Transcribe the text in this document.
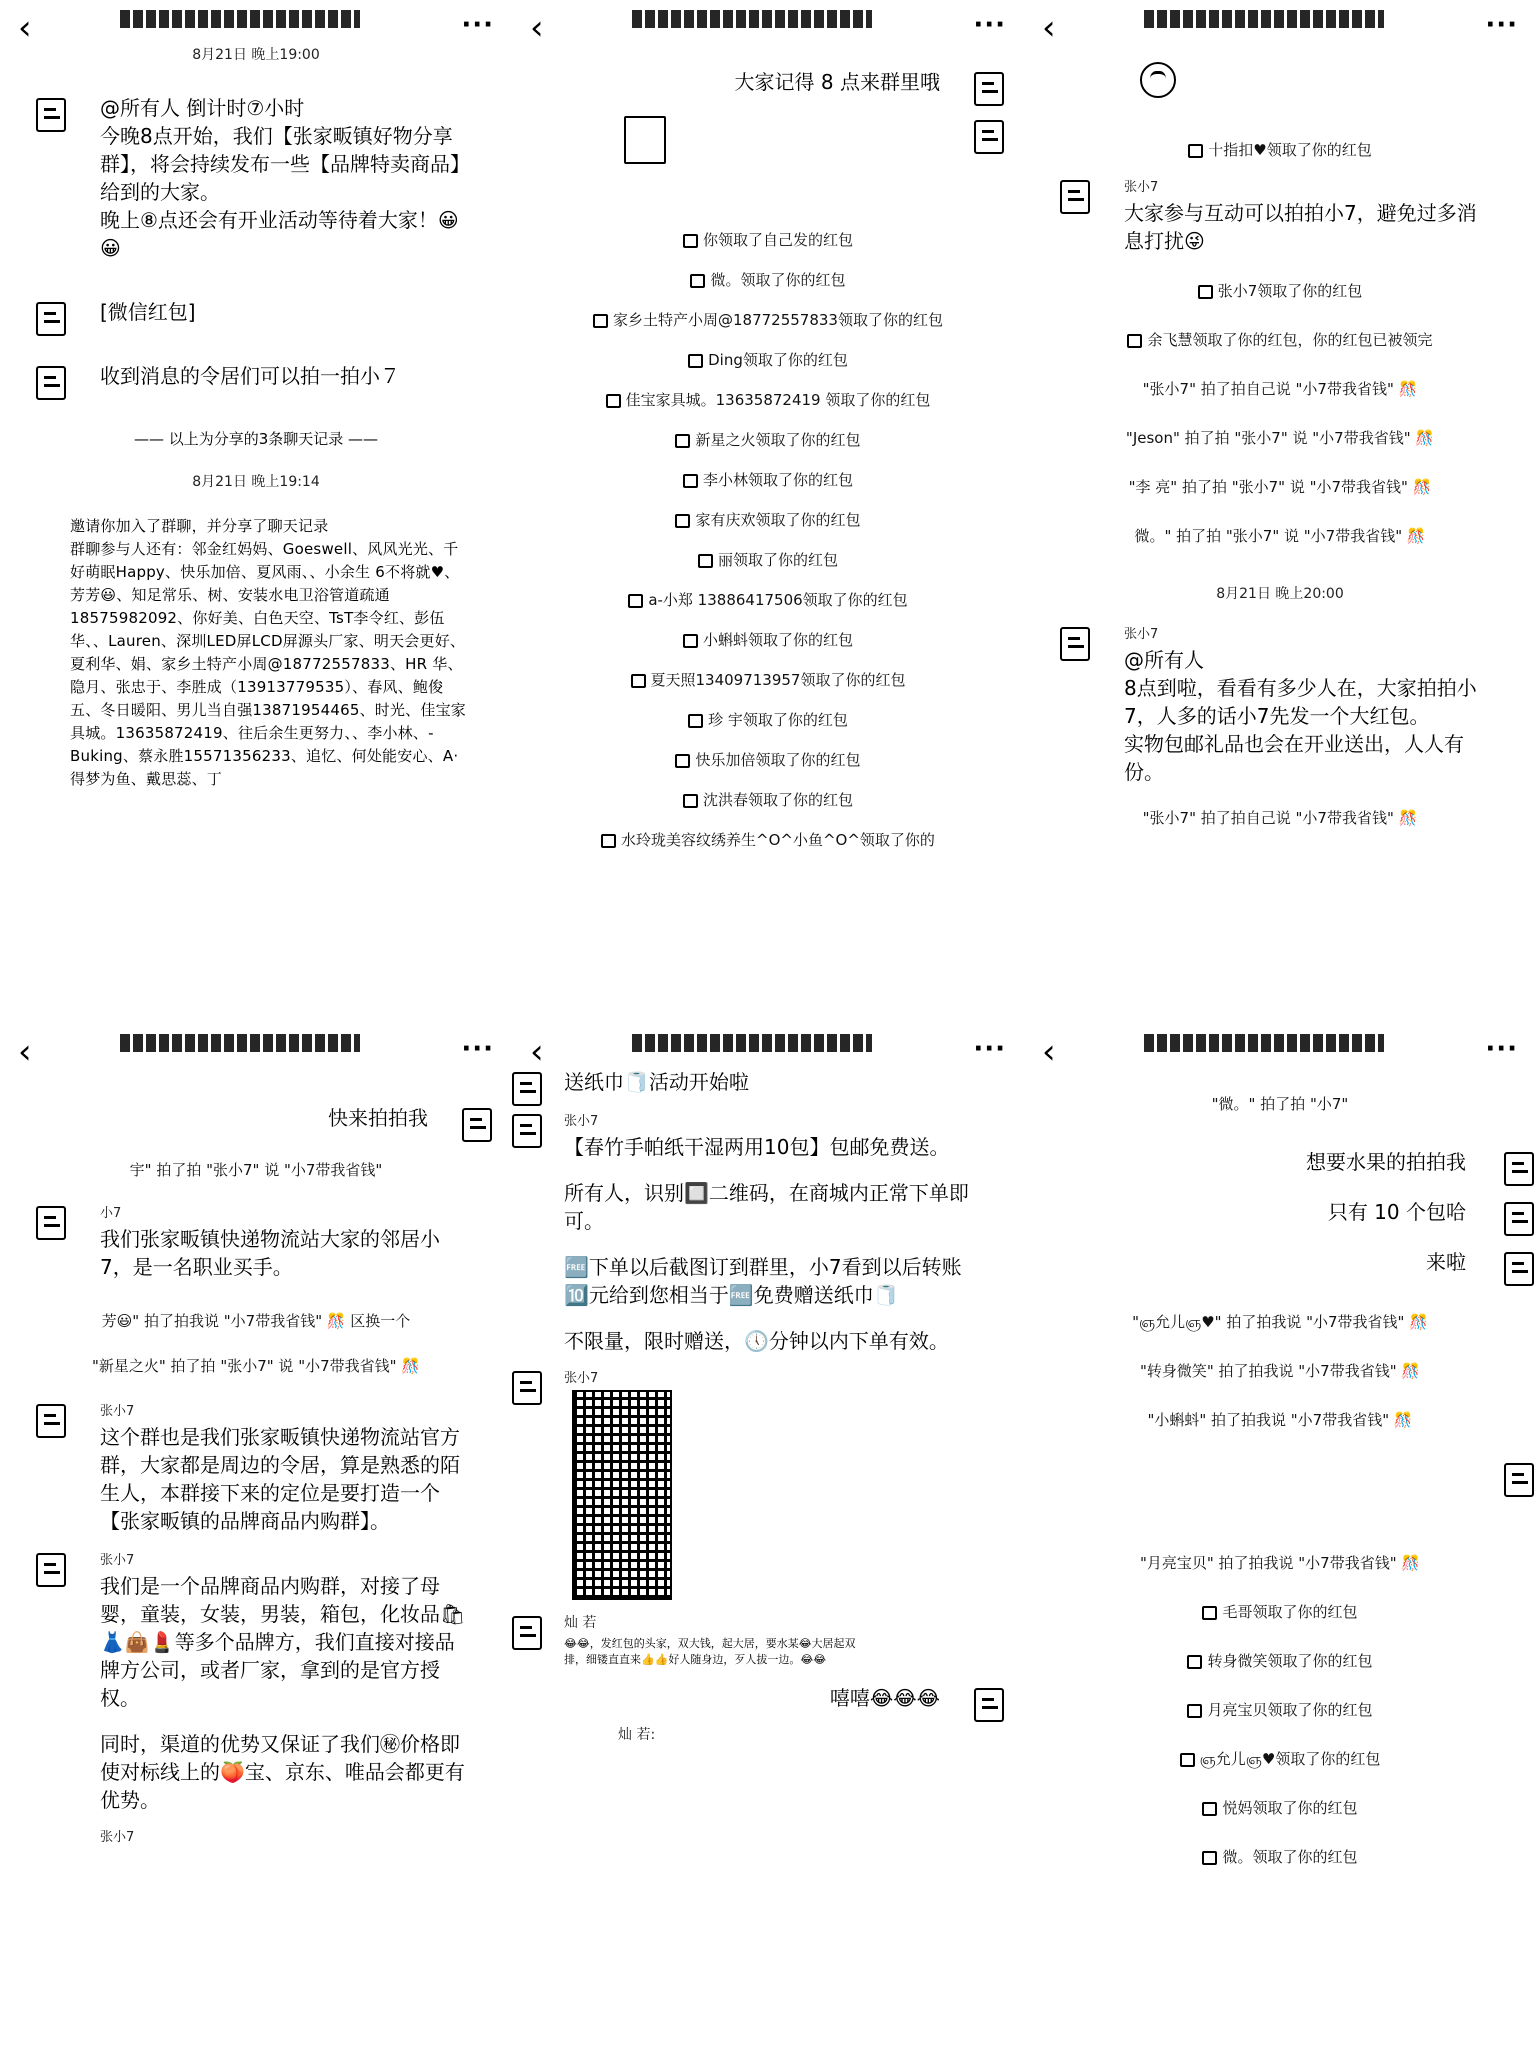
‹	···
8月21日 晚上19:00
@所有人 倒计时⑦小时
今晚8点开始，我们【张家畈镇好物分享群】，将会持续发布一些【品牌特卖商品】给到的大家。
晚上⑧点还会有开业活动等待着大家！😀😀
[微信红包]
收到消息的令居们可以拍一拍小７
—— 以上为分享的3条聊天记录 ——
8月21日 晚上19:14
邀请你加入了群聊，并分享了聊天记录
群聊参与人还有：邻金红妈妈、Goeswell、风风光光、千好萌眠Happy、快乐加倍、夏风雨、、小余生 6不将就♥、芳芳😃、知足常乐、树、安装水电卫浴管道疏通18575982092、你好美、白色天空、TsT李令红、彭伍华、、Lauren、深圳LED屏LCD屏源头厂家、明天会更好、夏利华、娟、家乡土特产小周@18772557833、HR 华、隐月、张忠于、李胜成（13913779535）、春风、鲍俊五、冬日暖阳、男儿当自强13871954465、时光、佳宝家具城。13635872419、往后余生更努力、、李小林、-Buking、蔡永胜15571356233、追忆、何处能安心、A·得梦为鱼、戴思蕊、丁
‹	···
大家记得 8 点来群里哦
你领取了自己发的红包
微。领取了你的红包
家乡土特产小周@18772557833领取了你的红包
Ding领取了你的红包
佳宝家具城。13635872419 领取了你的红包
新星之火领取了你的红包
李小林领取了你的红包
家有庆欢领取了你的红包
丽领取了你的红包
a-小郑 13886417506领取了你的红包
小蝌蚪领取了你的红包
夏天照13409713957领取了你的红包
珍 宇领取了你的红包
快乐加倍领取了你的红包
沈洪春领取了你的红包
水玲珑美容纹绣养生^O^小鱼^O^领取了你的
‹	···
十指扣♥领取了你的红包
张小7
大家参与互动可以拍拍小7，避免过多消息打扰😜
张小7领取了你的红包
余飞慧领取了你的红包，你的红包已被领完
"张小7" 拍了拍自己说 "小7带我省钱" 🎊
"Jeson" 拍了拍 "张小7" 说 "小7带我省钱" 🎊
"李 亮" 拍了拍 "张小7" 说 "小7带我省钱" 🎊
微。" 拍了拍 "张小7" 说 "小7带我省钱" 🎊
8月21日 晚上20:00
张小7
@所有人
8点到啦，看看有多少人在，大家拍拍小7，人多的话小7先发一个大红包。
实物包邮礼品也会在开业送出，人人有份。
"张小7" 拍了拍自己说 "小7带我省钱" 🎊
‹	···
快来拍拍我
宇" 拍了拍 "张小7" 说 "小7带我省钱"
小7
我们张家畈镇快递物流站大家的邻居小7，是一名职业买手。
芳😃" 拍了拍我说 "小7带我省钱" 🎊 区换一个
"新星之火" 拍了拍 "张小7" 说 "小7带我省钱" 🎊
张小7
这个群也是我们张家畈镇快递物流站官方群，大家都是周边的令居，算是熟悉的陌生人，本群接下来的定位是要打造一个【张家畈镇的品牌商品内购群】。
张小7
我们是一个品牌商品内购群，对接了母婴，童装，女装，男装，箱包，化妆品🛍👗👜💄等多个品牌方，我们直接对接品牌方公司，或者厂家，拿到的是官方授权。
同时，渠道的优势又保证了我们㊙价格即使对标线上的🍑宝、京东、唯品会都更有优势。
张小7
‹	···
送纸巾🧻活动开始啦
张小7
【春竹手帕纸干湿两用10包】包邮免费送。
所有人，识别🔲二维码，在商城内正常下单即可。
🆓下单以后截图订到群里，小7看到以后转账🔟元给到您相当于🆓免费赠送纸巾🧻
不限量，限时赠送，🕔分钟以内下单有效。
张小7
灿 若
😂😂，发红包的头家，双大钱，起大居，要水某😂大居起双排，细镂直直来👍👍好人随身边，歹人拔一边。😂😂
嘻嘻😂😂😂
灿 若:
‹	···
"微。" 拍了拍 "小7"
想要水果的拍拍我
只有 10 个包哈
来啦
"ஞ允儿ஞ♥" 拍了拍我说 "小7带我省钱" 🎊
"转身微笑" 拍了拍我说 "小7带我省钱" 🎊
"小蝌蚪" 拍了拍我说 "小7带我省钱" 🎊
"月亮宝贝" 拍了拍我说 "小7带我省钱" 🎊
毛哥领取了你的红包
转身微笑领取了你的红包
月亮宝贝领取了你的红包
ஞ允儿ஞ♥领取了你的红包
悦妈领取了你的红包
微。领取了你的红包
